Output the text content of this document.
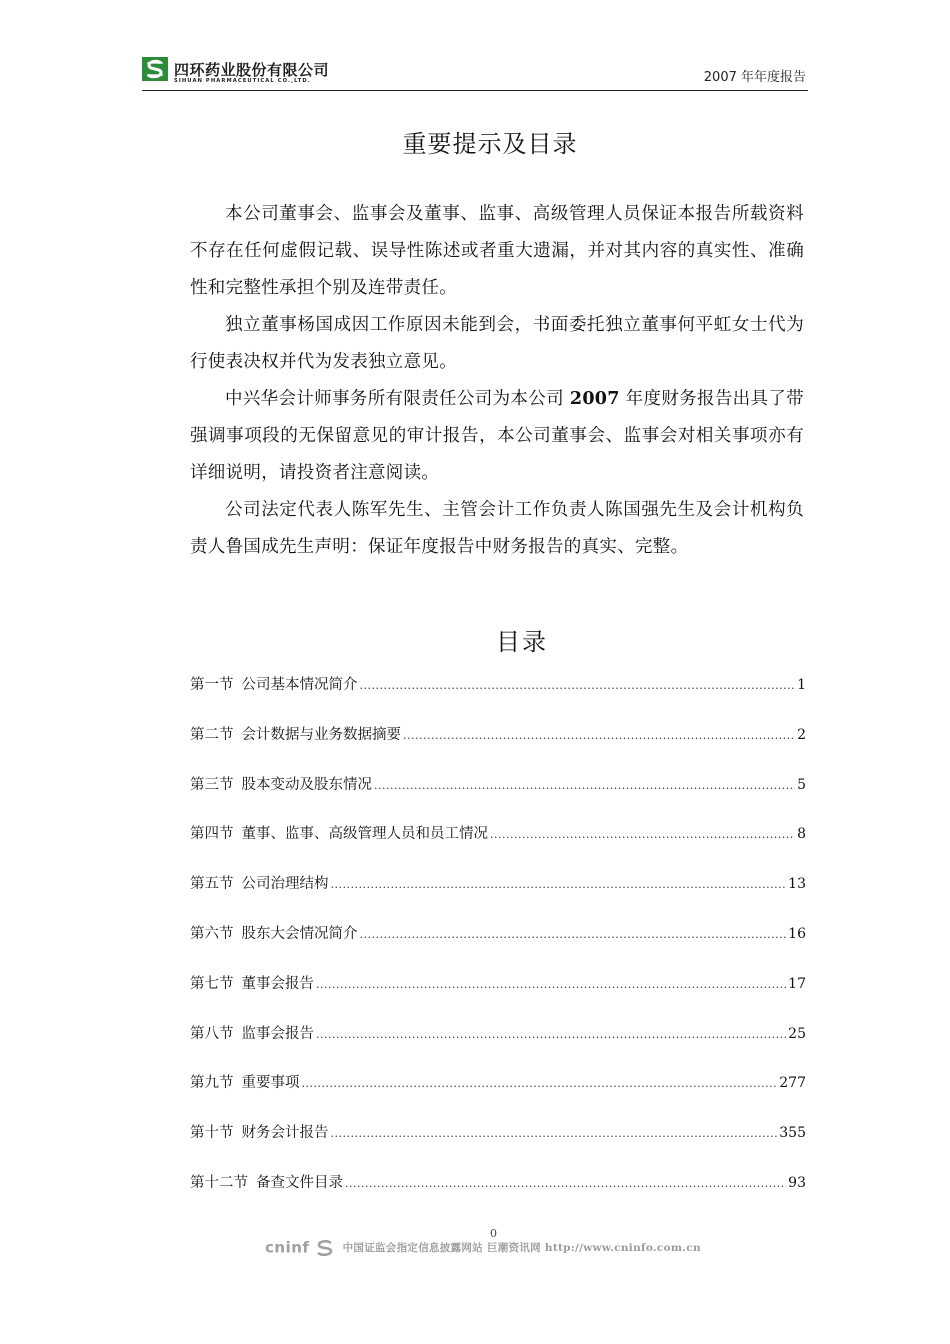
四环药业股份有限公司
SIHUAN PHARMACEUTICAL CO.,LTD.	2007 年年度报告
重要提示及目录

本公司董事会、监事会及董事、监事、高级管理人员保证本报告所载资料不存在任何虚假记载、误导性陈述或者重大遗漏，并对其内容的真实性、准确性和完整性承担个别及连带责任。

独立董事杨国成因工作原因未能到会，书面委托独立董事何平虹女士代为行使表决权并代为发表独立意见。

中兴华会计师事务所有限责任公司为本公司 2007 年度财务报告出具了带强调事项段的无保留意见的审计报告，本公司董事会、监事会对相关事项亦有详细说明，请投资者注意阅读。

公司法定代表人陈军先生、主管会计工作负责人陈国强先生及会计机构负责人鲁国成先生声明：保证年度报告中财务报告的真实、完整。

目录
第一节 公司基本情况简介 .....	1
第二节 会计数据与业务数据摘要 .....	2
第三节 股本变动及股东情况 .....	5
第四节 董事、监事、高级管理人员和员工情况 .....	8
第五节 公司治理结构 .....	13
第六节 股东大会情况简介 .....	16
第七节 董事会报告 .....	17
第八节 监事会报告 .....	25
第九节 重要事项 .....	277
第十节 财务会计报告 .....	355
第十二节 备查文件目录 .....	93
0
cninf	中国证监会指定信息披露网站 巨潮资讯网 http://www.cninfo.com.cn
